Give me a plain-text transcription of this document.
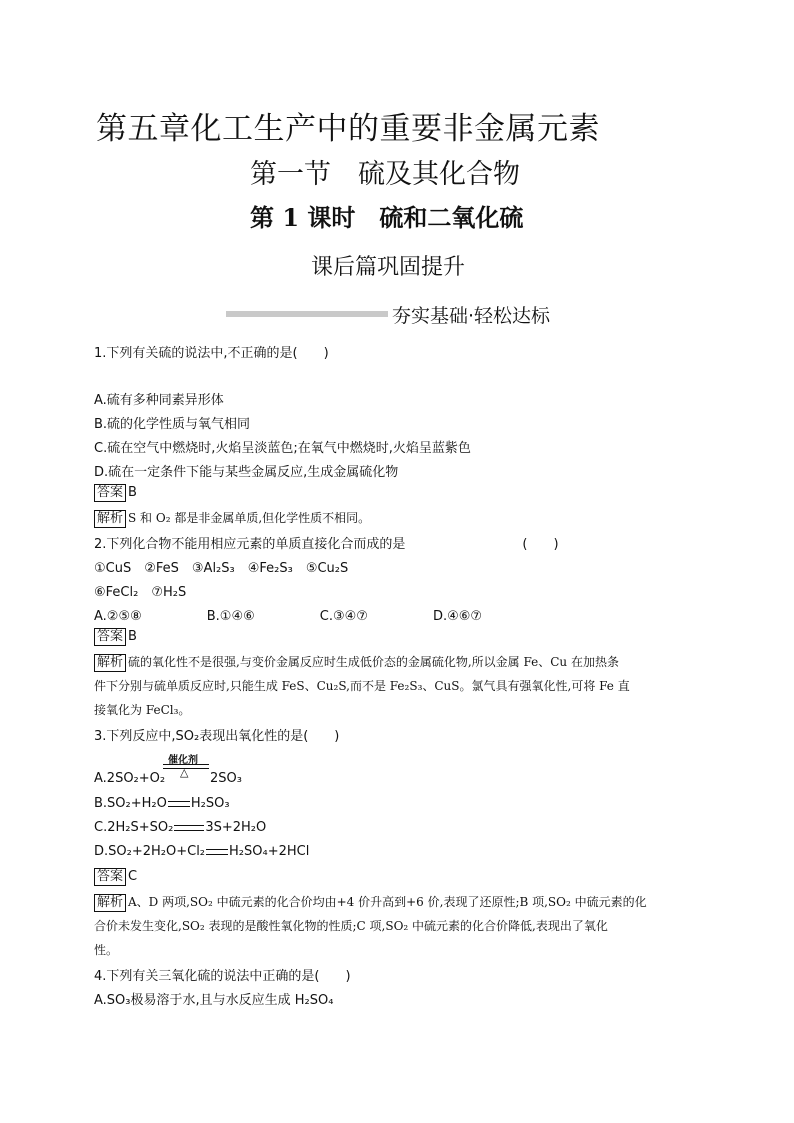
第五章化工生产中的重要非金属元素
第一节　硫及其化合物
第 1 课时　硫和二氧化硫
课后篇巩固提升
夯实基础·轻松达标
1.下列有关硫的说法中,不正确的是(　　)
A.硫有多种同素异形体
B.硫的化学性质与氧气相同
C.硫在空气中燃烧时,火焰呈淡蓝色;在氧气中燃烧时,火焰呈蓝紫色
D.硫在一定条件下能与某些金属反应,生成金属硫化物
答案 B
解析 S 和 O₂ 都是非金属单质,但化学性质不相同。
2.下列化合物不能用相应元素的单质直接化合而成的是　　　　　　　　　(　　)
①CuS　②FeS　③Al₂S₃　④Fe₂S₃　⑤Cu₂S
⑥FeCl₂　⑦H₂S
A.②⑤⑧　　　　　B.①④⑥　　　　　C.③④⑦　　　　　D.④⑥⑦
答案 B
解析 硫的氧化性不是很强,与变价金属反应时生成低价态的金属硫化物,所以金属 Fe、Cu 在加热条
件下分别与硫单质反应时,只能生成 FeS、Cu₂S,而不是 Fe₂S₃、CuS。氯气具有强氧化性,可将 Fe 直
接氧化为 FeCl₃。
3.下列反应中,SO₂表现出氧化性的是(　　)
催化剂
△
A.2SO₂+O₂	2SO₃
B.SO₂+H₂O H₂SO₃
C.2H₂S+SO₂ 3S+2H₂O
D.SO₂+2H₂O+Cl₂ H₂SO₄+2HCl
答案 C
解析 A、D 两项,SO₂ 中硫元素的化合价均由+4 价升高到+6 价,表现了还原性;B 项,SO₂ 中硫元素的化
合价未发生变化,SO₂ 表现的是酸性氧化物的性质;C 项,SO₂ 中硫元素的化合价降低,表现出了氧化
性。
4.下列有关三氧化硫的说法中正确的是(　　)
A.SO₃极易溶于水,且与水反应生成 H₂SO₄
